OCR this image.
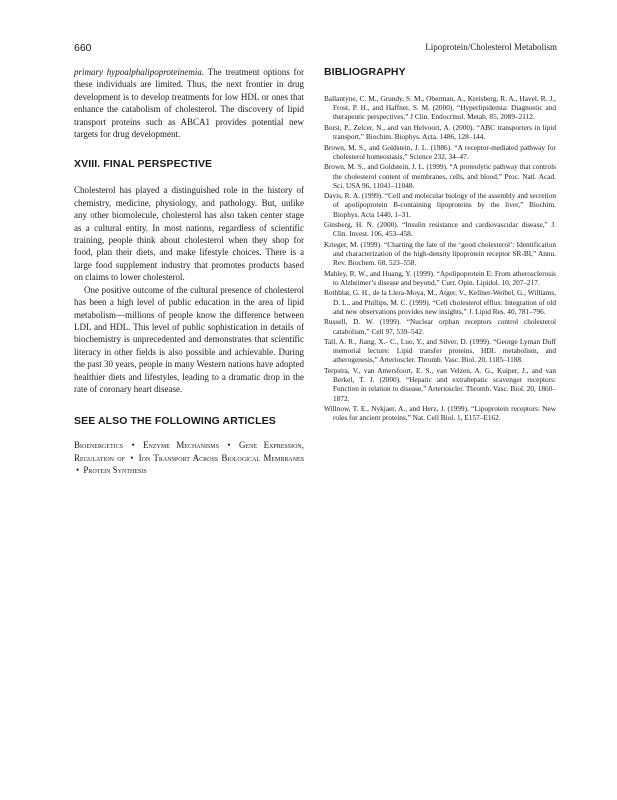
660	Lipoprotein/Cholesterol Metabolism

primary hypoalphalipoproteinemia. The treatment options for these individuals are limited. Thus, the next frontier in drug development is to develop treatments for low HDL or ones that enhance the catabolism of cholesterol. The discovery of lipid transport proteins such as ABCA1 provides potential new targets for drug development.

XVIII. FINAL PERSPECTIVE

Cholesterol has played a distinguished role in the history of chemistry, medicine, physiology, and pathology. But, unlike any other biomolecule, cholesterol has also taken center stage as a cultural entity. In most nations, regardless of scientific training, people think about cholesterol when they shop for food, plan their diets, and make lifestyle choices. There is a large food supplement industry that promotes products based on claims to lower cholesterol.

One positive outcome of the cultural presence of cholesterol has been a high level of public education in the area of lipid metabolism—millions of people know the difference between LDL and HDL. This level of public sophistication in details of biochemistry is unprecedented and demonstrates that scientific literacy in other fields is also possible and achievable. During the past 30 years, people in many Western nations have adopted healthier diets and lifestyles, leading to a dramatic drop in the rate of coronary heart disease.

SEE ALSO THE FOLLOWING ARTICLES

Bioenergetics • Enzyme Mechanisms • Gene Expression, Regulation of • Ion Transport Across Biological Membranes • Protein Synthesis

BIBLIOGRAPHY
Ballantyne, C. M., Grundy, S. M., Oberman, A., Kreisberg, R. A., Havel, R. J., Frost, P. H., and Haffner, S. M. (2000). “Hyperlipidemia: Diagnostic and therapeutic perspectives,” J Clin. Endocrinol. Metab. 85, 2089–2112.
Borst, P., Zelcer, N., and van Helvoort, A. (2000). “ABC transporters in lipid transport,” Biochim. Biophys. Acta. 1486, 128–144.
Brown, M. S., and Goldstein, J. L. (1986). “A receptor-mediated pathway for cholesterol homeostasis,” Science 232, 34–47.
Brown, M. S., and Goldstein, J. L. (1999). “A proteolytic pathway that controls the cholesterol content of membranes, cells, and blood,” Proc. Natl. Acad. Sci. USA 96, 11041–11048.
Davis, R. A. (1999). “Cell and molecular biology of the assembly and secretion of apolipoprotein B-containing lipoproteins by the liver,” Biochim. Biophys. Acta 1440, 1–31.
Ginsberg, H. N. (2000). “Insulin resistance and cardiovascular disease,” J. Clin. Invest. 106, 453–458.
Krieger, M. (1999). “Charting the fate of the ‘good cholesterol’: Identification and characterization of the high-density lipoprotein receptor SR-BI,” Annu. Rev. Biochem. 68, 523–558.
Mahley, R. W., and Huang, Y. (1999). “Apolipoprotein E: From atherosclerosis to Alzheimer’s disease and beyond,” Curr. Opin. Lipidol. 10, 207–217.
Rothblat, G. H., de la Llera-Moya, M., Atger, V., Kellner-Weibel, G., Williams, D. L., and Phillips, M. C. (1999). “Cell cholesterol efflux: Integration of old and new observations provides new insights,” J. Lipid Res. 40, 781–796.
Russell, D. W. (1999). “Nuclear orphan receptors control cholesterol catabolism,” Cell 97, 539–542.
Tall, A. R., Jiang, X.- C., Luo, Y., and Silver, D. (1999). “George Lyman Duff memorial lecture: Lipid transfer proteins, HDL metabolism, and atherogenesis,” Arterioscler. Thromb. Vasc. Biol. 20, 1185–1188.
Terpstra, V., van Amersfoort, E. S., van Velzen, A. G., Kuiper, J., and van Berkel, T. J. (2000). “Hepatic and extrahepatic scavenger receptors: Function in relation to disease,” Arterioscler. Thromb. Vasc. Biol. 20, 1860–1872.
Willnow, T. E., Nykjaer, A., and Herz, J. (1999). “Lipoprotein receptors: New roles for ancient proteins,” Nat. Cell Biol. 1, E157–E162.
